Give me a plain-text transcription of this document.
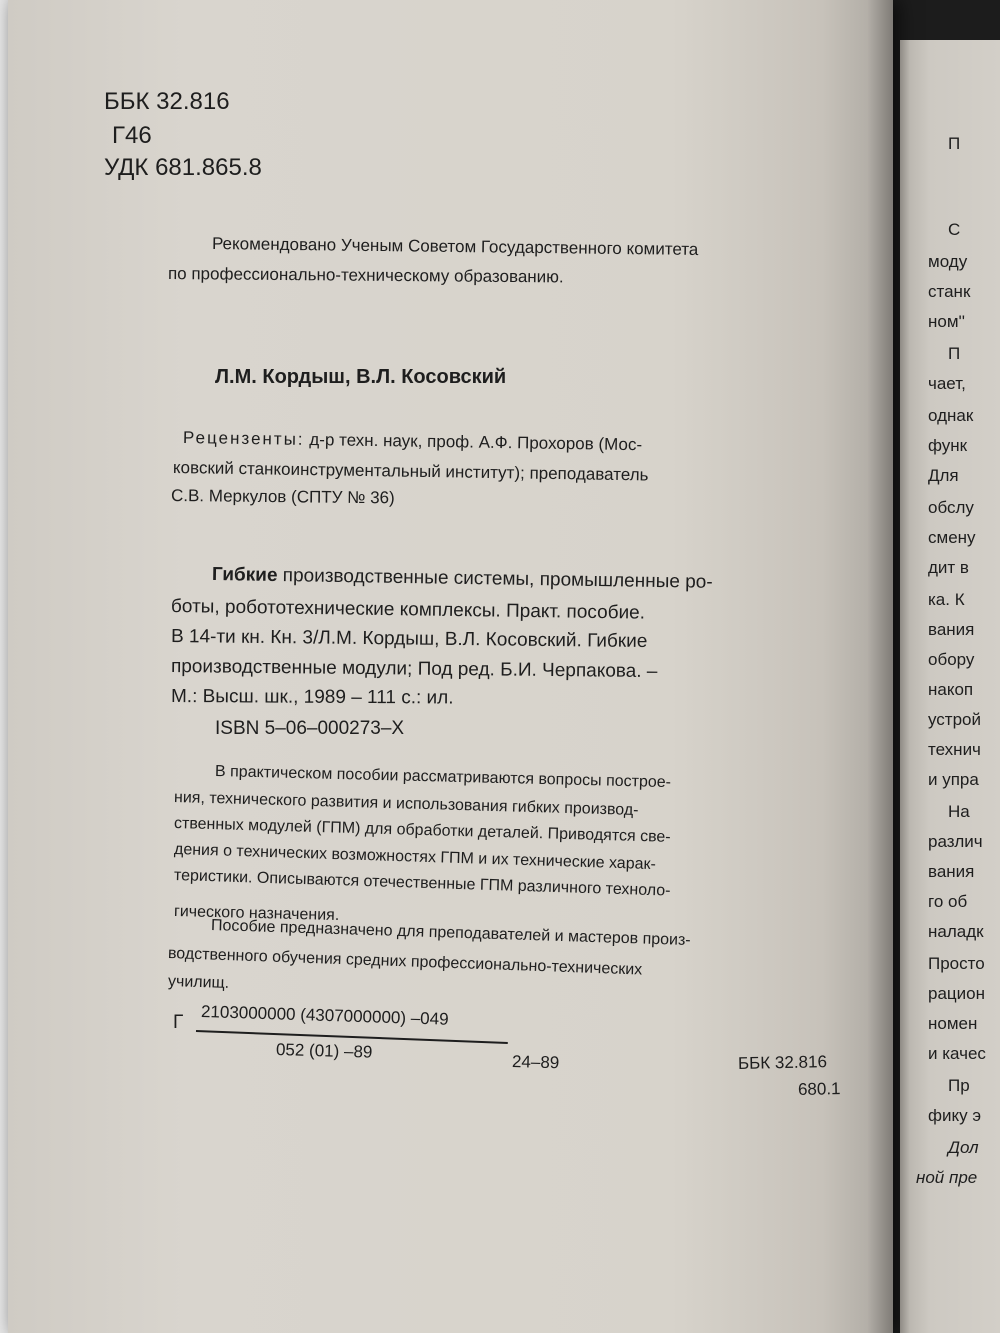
ББК 32.816
Г46
УДК 681.865.8
Рекомендовано Ученым Советом Государственного комитета
по профессионально-техническому образованию.
Л.М. Кордыш, В.Л. Косовский
Рецензенты: д-р техн. наук, проф. А.Ф. Прохоров (Мос-
ковский станкоинструментальный институт); преподаватель
С.В. Меркулов (СПТУ № 36)
Гибкие производственные системы, промышленные ро-
боты, робототехнические комплексы. Практ. пособие.
В 14-ти кн. Кн. 3/Л.М. Кордыш, В.Л. Косовский. Гибкие
производственные модули; Под ред. Б.И. Черпакова. –
М.: Высш. шк., 1989 – 111 с.: ил.
ISBN 5–06–000273–X
В практическом пособии рассматриваются вопросы построе-
ния, технического развития и использования гибких производ-
ственных модулей (ГПМ) для обработки деталей. Приводятся све-
дения о технических возможностях ГПМ и их технические харак-
теристики. Описываются отечественные ГПМ различного техноло-
гического назначения.
Пособие предназначено для преподавателей и мастеров произ-
водственного обучения средних профессионально-технических
училищ.
Г 2103000000 (4307000000) –049
052 (01) –89
24–89	ББК 32.816
680.1
П
С
моду
станк
ном''
П
чает,
однак
функ
Для
обслу
смену
дит в
ка. К
вания
обору
накоп
устрой
технич
и упра
На
различ
вания
го об
наладк
Просто
рацион
номен
и качес
Пр
фику э
Дол
ной пре
